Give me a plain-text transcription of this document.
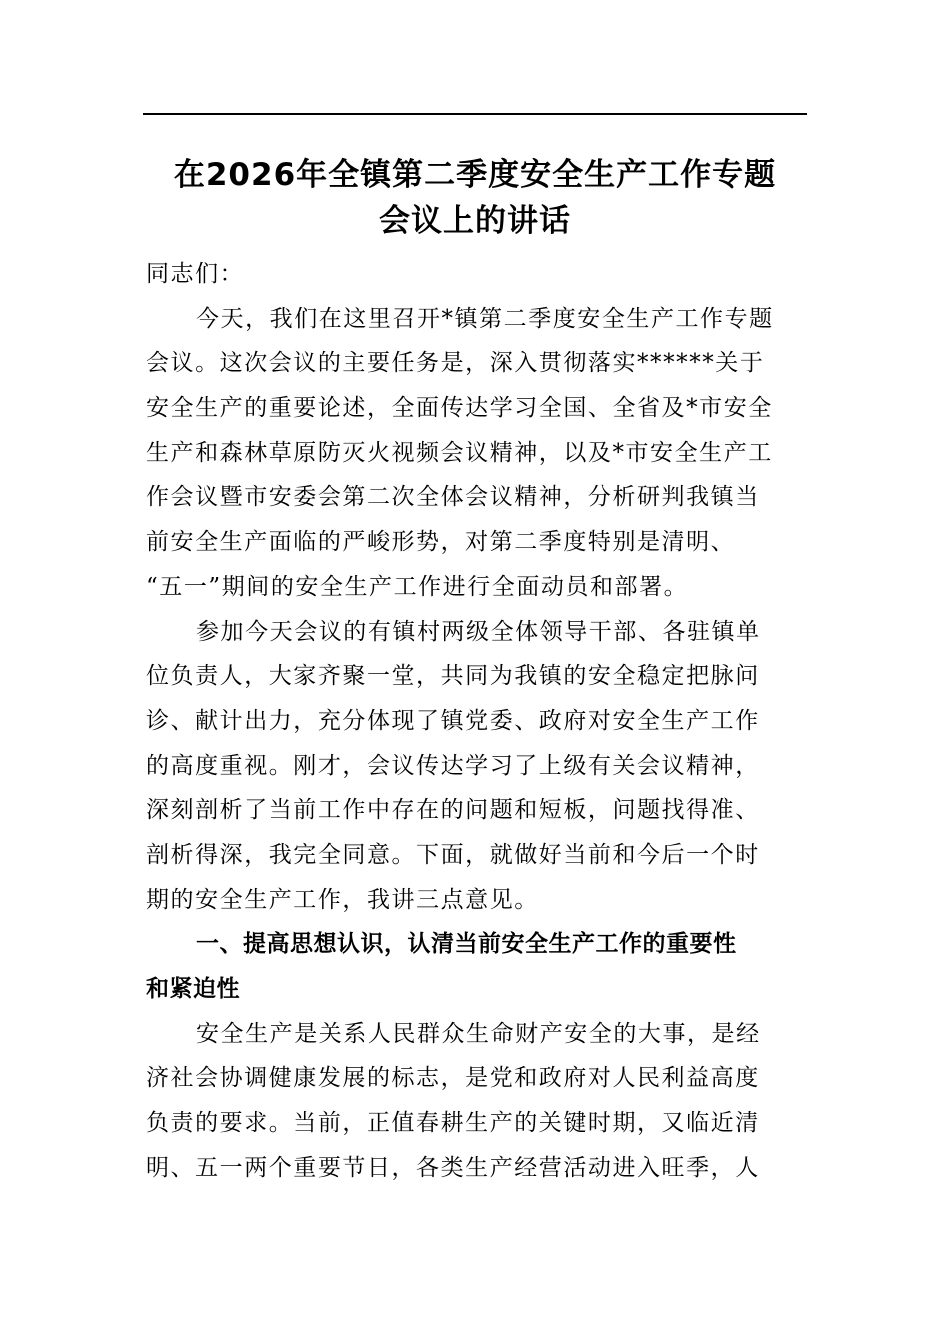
在2026年全镇第二季度安全生产工作专题
会议上的讲话
同志们：
今天，我们在这里召开*镇第二季度安全生产工作专题
会议。这次会议的主要任务是，深入贯彻落实******关于
安全生产的重要论述，全面传达学习全国、全省及*市安全
生产和森林草原防灭火视频会议精神，以及*市安全生产工
作会议暨市安委会第二次全体会议精神，分析研判我镇当
前安全生产面临的严峻形势，对第二季度特别是清明、
“五一”期间的安全生产工作进行全面动员和部署。
参加今天会议的有镇村两级全体领导干部、各驻镇单
位负责人，大家齐聚一堂，共同为我镇的安全稳定把脉问
诊、献计出力，充分体现了镇党委、政府对安全生产工作
的高度重视。刚才，会议传达学习了上级有关会议精神，
深刻剖析了当前工作中存在的问题和短板，问题找得准、
剖析得深，我完全同意。下面，就做好当前和今后一个时
期的安全生产工作，我讲三点意见。
一、提高思想认识，认清当前安全生产工作的重要性
和紧迫性
安全生产是关系人民群众生命财产安全的大事，是经
济社会协调健康发展的标志，是党和政府对人民利益高度
负责的要求。当前，正值春耕生产的关键时期，又临近清
明、五一两个重要节日，各类生产经营活动进入旺季，人
